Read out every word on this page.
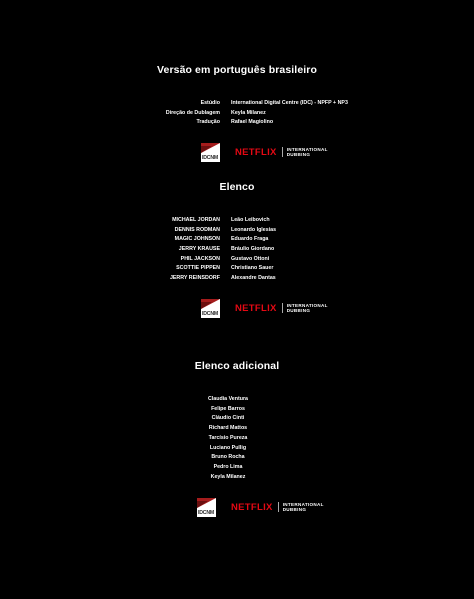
Versão em português brasileiro
Estúdio International Digital Centre (IDC) - NPFP + NP3
Direção de Dublagem Keyla Milanez
Tradução Rafael Magiolino
IDCNM NETFLIX INTERNATIONAL
DUBBING
Elenco
MICHAEL JORDAN Leão Leibovich
DENNIS RODMAN Leonardo Iglesias
MAGIC JOHNSON Eduardo Fraga
JERRY KRAUSE Bráulio Giordano
PHIL JACKSON Gustavo Ottoni
SCOTTIE PIPPEN Christiano Sauer
JERRY REINSDORF Alexandre Dantas
IDCNM NETFLIX INTERNATIONAL
DUBBING
Elenco adicional
Claudia Ventura
Felipe Barros
Cláudio Cinti
Richard Mattos
Tarcísio Pureza
Luciano Pullig
Bruno Rocha
Pedro Lima
Keyla Milanez
IDCNM NETFLIX INTERNATIONAL
DUBBING
